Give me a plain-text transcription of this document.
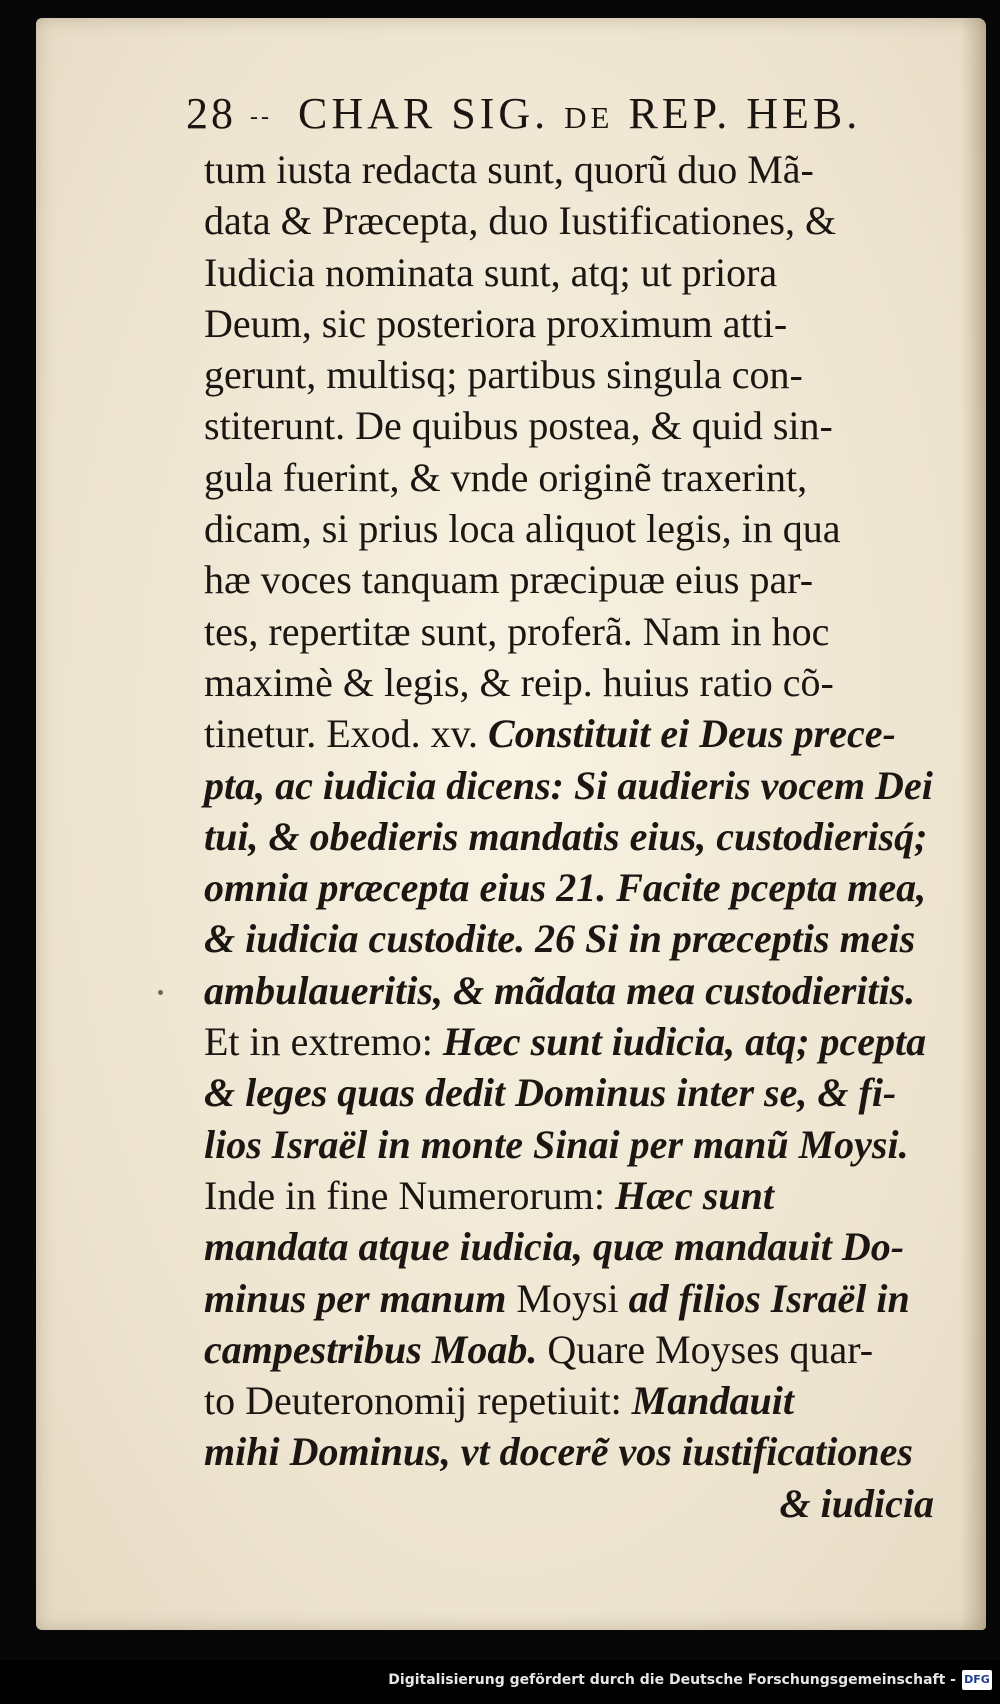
28 -- CHAR SIG. de REP. HEB.
tum iusta redacta sunt, quorũ duo Mã-
data & Præcepta, duo Iustificationes, &
Iudicia nominata sunt, atq; ut priora
Deum, sic posteriora proximum atti-
gerunt, multisq; partibus singula con-
stiterunt. De quibus postea, & quid sin-
gula fuerint, & vnde originẽ traxerint,
dicam, si prius loca aliquot legis, in qua
hæ voces tanquam præcipuæ eius par-
tes, repertitæ sunt, proferã. Nam in hoc
maximè & legis, & reip. huius ratio cõ-
tinetur. Exod. xv. Constituit ei Deus prece-
pta, ac iudicia dicens: Si audieris vocem Dei
tui, & obedieris mandatis eius, custodierisq́;
omnia præcepta eius 21. Facite pcepta mea,
& iudicia custodite. 26 Si in præceptis meis
ambulaueritis, & mãdata mea custodieritis.
Et in extremo: Hæc sunt iudicia, atq; pcepta
& leges quas dedit Dominus inter se, & fi-
lios Israël in monte Sinai per manũ Moysi.
Inde in fine Numerorum: Hæc sunt
mandata atque iudicia, quæ mandauit Do-
minus per manum Moysi ad filios Israël in
campestribus Moab. Quare Moyses quar-
to Deuteronomij repetiuit: Mandauit
mihi Dominus, vt docerẽ vos iustificationes
& iudicia
Digitalisierung gefördert durch die Deutsche Forschungsgemeinschaft - DFG
